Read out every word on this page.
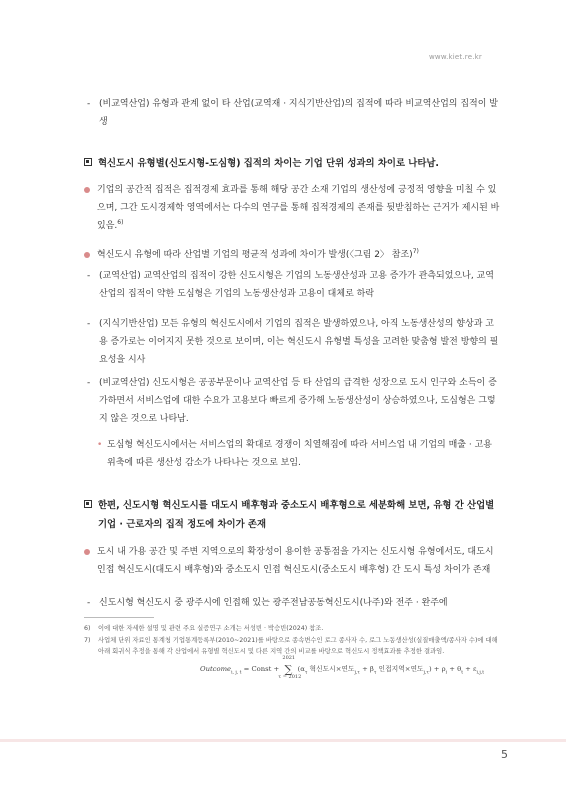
www.kiet.re.kr
- (비교역산업) 유형과 관계 없이 타 산업(교역재 · 지식기반산업)의 집적에 따라 비교역산업의 집적이 발생
혁신도시 유형별(신도시형-도심형) 집적의 차이는 기업 단위 성과의 차이로 나타남.
기업의 공간적 집적은 집적경제 효과를 통해 해당 공간 소재 기업의 생산성에 긍정적 영향을 미칠 수 있으며, 그간 도시경제학 영역에서는 다수의 연구를 통해 집적경제의 존재를 뒷받침하는 근거가 제시된 바 있음.$^{6)}$
혁신도시 유형에 따라 산업별 기업의 평균적 성과에 차이가 발생(〈그림 2〉 참조)$^{7)}$
- (교역산업) 교역산업의 집적이 강한 신도시형은 기업의 노동생산성과 고용 증가가 관측되었으나, 교역산업의 집적이 약한 도심형은 기업의 노동생산성과 고용이 대체로 하락
- (지식기반산업) 모든 유형의 혁신도시에서 기업의 집적은 발생하였으나, 아직 노동생산성의 향상과 고용 증가로는 이어지지 못한 것으로 보이며, 이는 혁신도시 유형별 특성을 고려한 맞춤형 발전 방향의 필요성을 시사
- (비교역산업) 신도시형은 공공부문이나 교역산업 등 타 산업의 급격한 성장으로 도시 인구와 소득이 증가하면서 서비스업에 대한 수요가 고용보다 빠르게 증가해 노동생산성이 상승하였으나, 도심형은 그렇지 않은 것으로 나타남.
• 도심형 혁신도시에서는 서비스업의 확대로 경쟁이 치열해짐에 따라 서비스업 내 기업의 매출 · 고용 위축에 따른 생산성 감소가 나타나는 것으로 보임.
한편, 신도시형 혁신도시를 대도시 배후형과 중소도시 배후형으로 세분화해 보면, 유형 간 산업별 기업 · 근로자의 집적 정도에 차이가 존재
도시 내 가용 공간 및 주변 지역으로의 확장성이 용이한 공통점을 가지는 신도시형 유형에서도, 대도시 인접 혁신도시(대도시 배후형)와 중소도시 인접 혁신도시(중소도시 배후형) 간 도시 특성 차이가 존재
- 신도시형 혁신도시 중 광주시에 인접해 있는 광주전남공동혁신도시(나주)와 전주 · 완주에
6)	이에 대한 자세한 설명 및 관련 주요 실증연구 소개는 서성빈 · 박승빈(2024) 참조.
7)	사업체 단위 자료인 통계청 기업통계등록부(2010~2021)를 바탕으로 종속변수인 로그 종사자 수, 로그 노동생산성(실질매출액/종사자 수)에 대해 아래 회귀식 추정을 통해 각 산업에서 유형별 혁신도시 및 다른 지역 간의 비교를 바탕으로 혁신도시 정책효과를 추정한 결과임.
Outcome$_{i, j, t}$ = Const +
2021
∑
τ = 2012
($\alpha_\tau$ 혁신도시×연도$_{j,\tau} + \beta_\tau$ 인접지역×연도$_{j,\tau}) + \rho_i + \theta_t + \varepsilon_{i,j,t}$
5
